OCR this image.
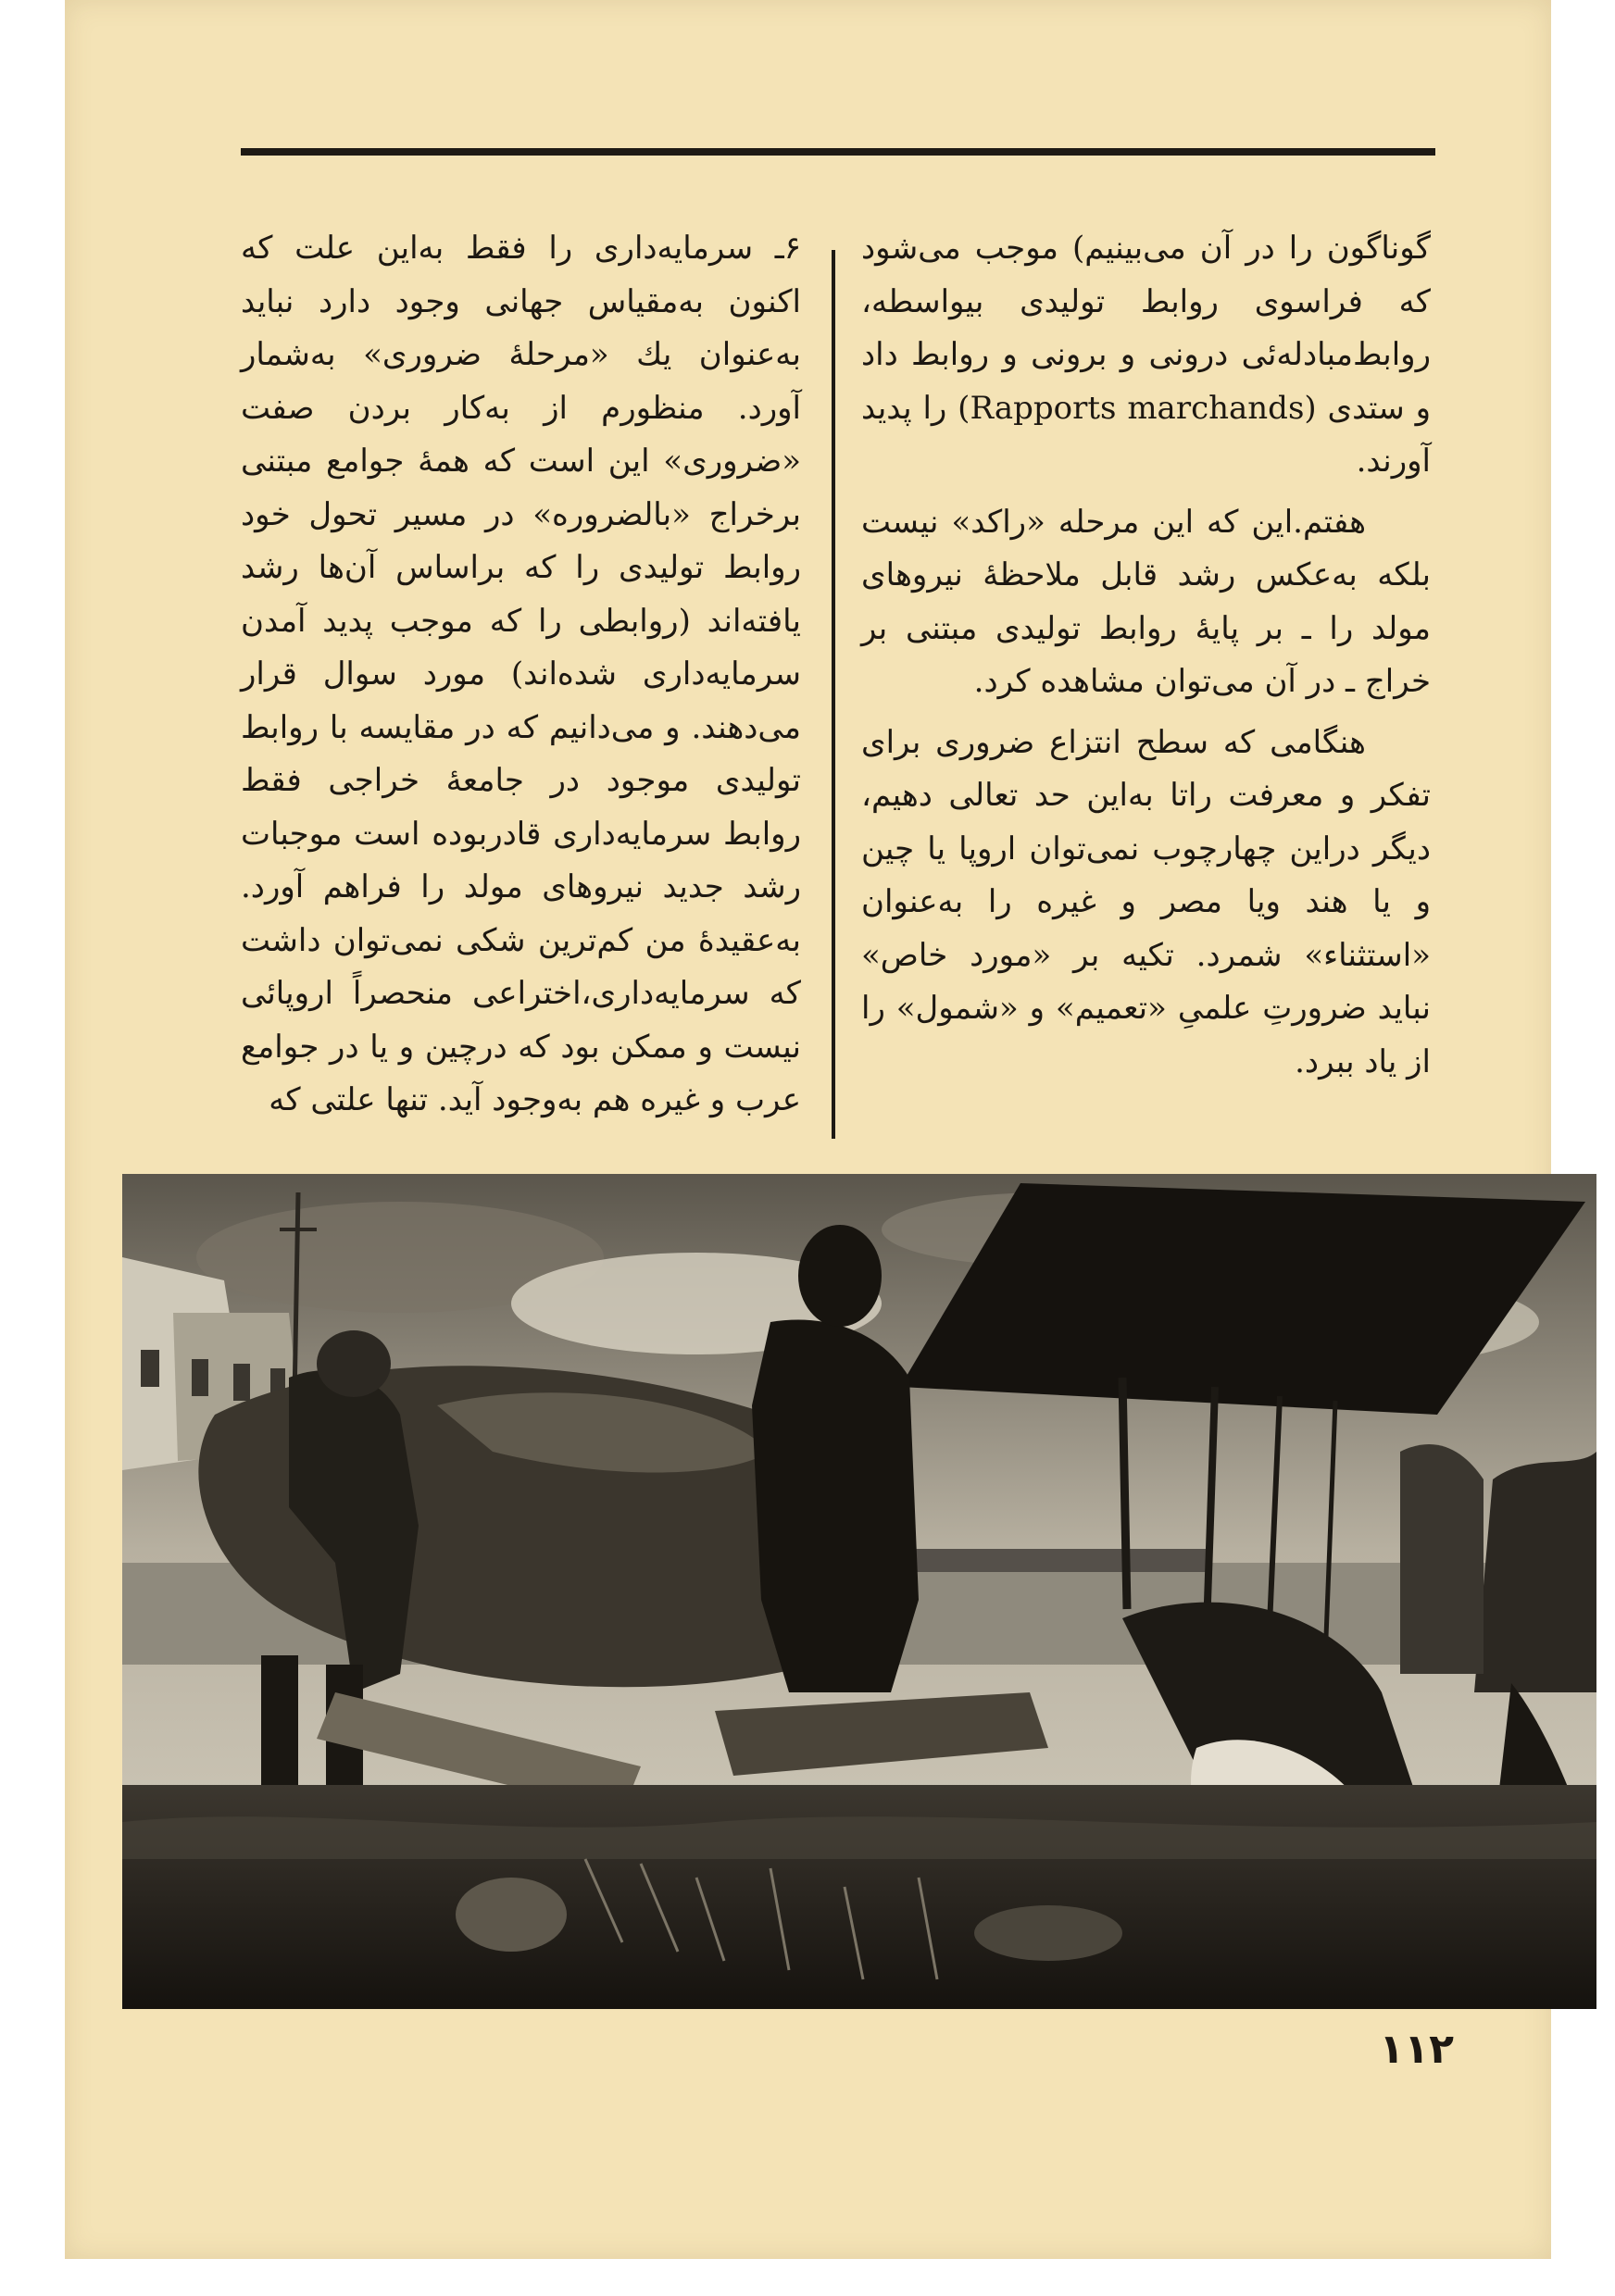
گوناگون را در آن می‌بینیم) موجب می‌شود که فراسوی روابط تولیدی بیواسطه، روابط‌مبادله‌ئی درونی و برونی و روابط داد و ستدی (Rapports marchands) را پدید آورند.

هفتم.این که این مرحله «راکد» نیست بلکه به‌عکس رشد قابل ملاحظهٔ نیروهای مولد را ـ بر پایهٔ روابط تولیدی مبتنی بر خراج ـ در آن می‌توان مشاهده کرد.

هنگامی که سطح انتزاع ضروری برای تفکر و معرفت راتا به‌این حد تعالی دهیم، دیگر دراین چهارچوب نمی‌توان اروپا یا چین و یا هند ویا مصر و غیره را به‌عنوان «استثناء» شمرد. تکیه بر «مورد خاص» نباید ضرورتِ علمیِ «تعمیم» و «شمول» را از یاد ببرد.

۶ـ سرمایه‌داری را فقط به‌این علت که اکنون به‌مقیاس جهانی وجود دارد نباید به‌عنوان یك «مرحلهٔ ضروری» به‌شمار آورد. منظورم از به‌کار بردن صفت «ضروری» این است که همهٔ جوامع مبتنی برخراج «بالضروره» در مسیر تحول خود روابط تولیدی را که براساس آن‌ها رشد یافته‌اند (روابطی را که موجب پدید آمدن سرمایه‌داری شده‌اند) مورد سوال قرار می‌دهند. و می‌دانیم که در مقایسه با روابط تولیدی موجود در جامعهٔ خراجی فقط روابط سرمایه‌داری قادربوده است موجبات رشد جدید نیروهای مولد را فراهم آورد. به‌عقیدهٔ من کم‌ترین شکی نمی‌توان داشت که سرمایه‌داری،اختراعی منحصراً اروپائی نیست و ممکن بود که درچین و یا در جوامع عرب و غیره هم به‌وجود آید. تنها علتی که

۱۱۲
